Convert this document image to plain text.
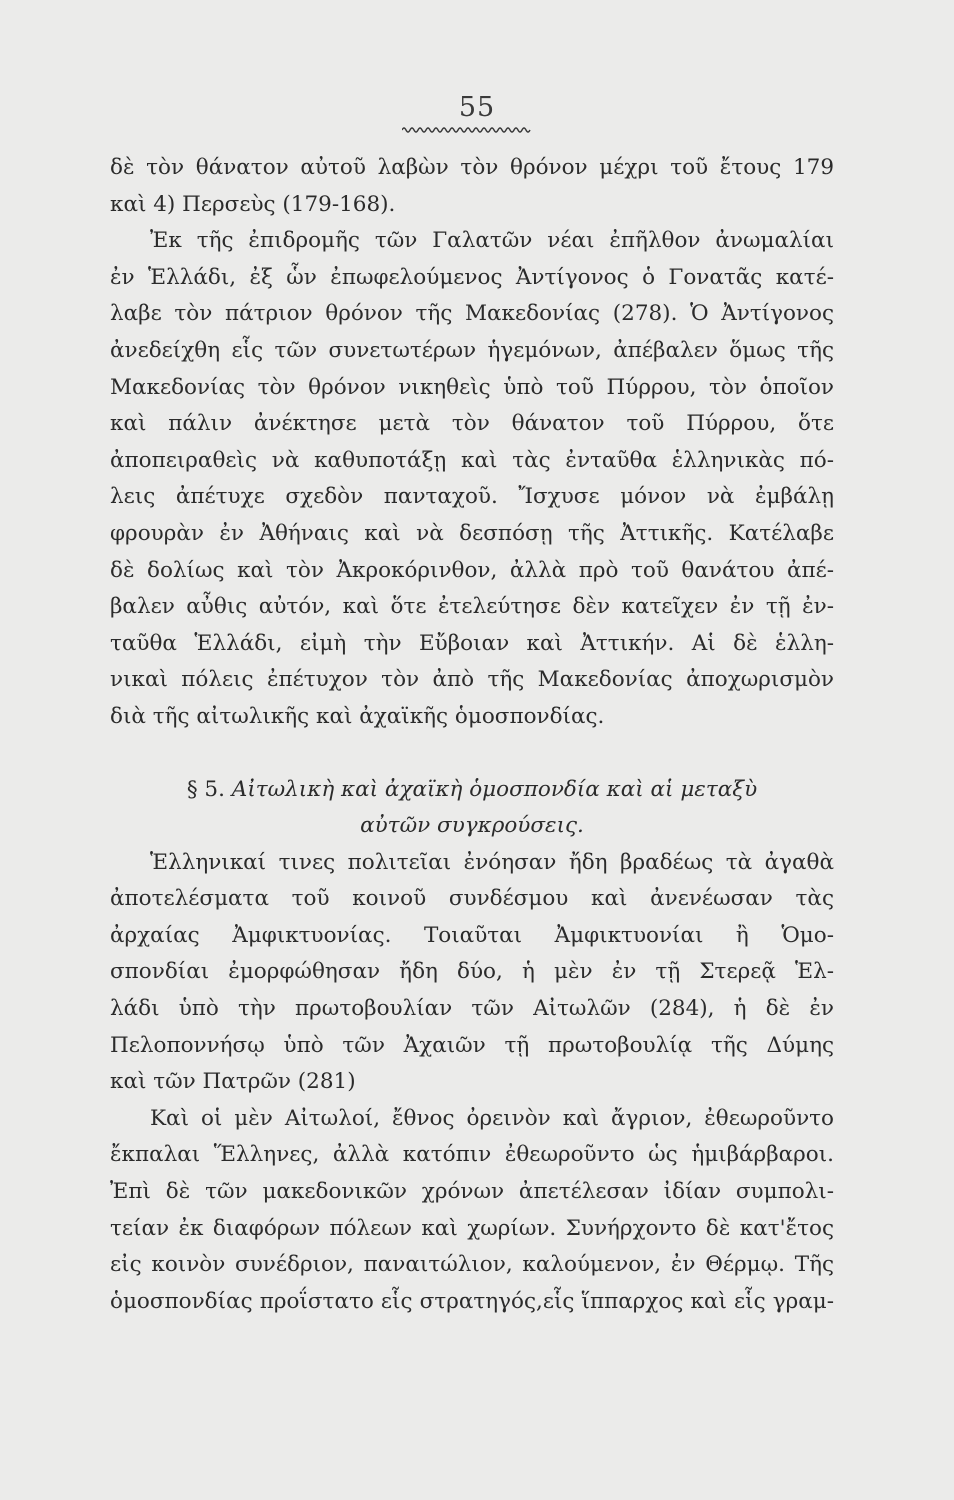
55
δὲ τὸν θάνατον αὐτοῦ λαβὼν τὸν θρόνον μέχρι τοῦ ἔτους 179
καὶ 4) Περσεὺς (179-168).
Ἐκ τῆς ἐπιδρομῆς τῶν Γαλατῶν νέαι ἐπῆλθον ἀνωμαλίαι
ἐν Ἑλλάδι, ἐξ ὧν ἐπωφελούμενος Ἀντίγονος ὁ Γονατᾶς κατέ-
λαβε τὸν πάτριον θρόνον τῆς Μακεδονίας (278). Ὁ Ἀντίγονος
ἀνεδείχθη εἷς τῶν συνετωτέρων ἡγεμόνων, ἀπέβαλεν ὅμως τῆς
Μακεδονίας τὸν θρόνον νικηθεὶς ὑπὸ τοῦ Πύρρου, τὸν ὁποῖον
καὶ πάλιν ἀνέκτησε μετὰ τὸν θάνατον τοῦ Πύρρου, ὅτε
ἀποπειραθεὶς νὰ καθυποτάξῃ καὶ τὰς ἐνταῦθα ἑλληνικὰς πό-
λεις ἀπέτυχε σχεδὸν πανταχοῦ. Ἴσχυσε μόνον νὰ ἐμβάλῃ
φρουρὰν ἐν Ἀθήναις καὶ νὰ δεσπόσῃ τῆς Ἀττικῆς. Κατέλαβε
δὲ δολίως καὶ τὸν Ἀκροκόρινθον, ἀλλὰ πρὸ τοῦ θανάτου ἀπέ-
βαλεν αὖθις αὐτόν, καὶ ὅτε ἐτελεύτησε δὲν κατεῖχεν ἐν τῇ ἐν-
ταῦθα Ἑλλάδι, εἰμὴ τὴν Εὔβοιαν καὶ Ἀττικήν. Αἱ δὲ ἑλλη-
νικαὶ πόλεις ἐπέτυχον τὸν ἀπὸ τῆς Μακεδονίας ἀποχωρισμὸν
διὰ τῆς αἰτωλικῆς καὶ ἀχαϊκῆς ὁμοσπονδίας.
§ 5. Αἰτωλικὴ καὶ ἀχαϊκὴ ὁμοσπονδία καὶ αἱ μεταξὺ
αὐτῶν συγκρούσεις.
Ἑλληνικαί τινες πολιτεῖαι ἐνόησαν ἤδη βραδέως τὰ ἀγαθὰ
ἀποτελέσματα τοῦ κοινοῦ συνδέσμου καὶ ἀνενέωσαν τὰς
ἀρχαίας Ἀμφικτυονίας. Τοιαῦται Ἀμφικτυονίαι ἢ Ὁμο-
σπονδίαι ἐμορφώθησαν ἤδη δύο, ἡ μὲν ἐν τῇ Στερεᾷ Ἑλ-
λάδι ὑπὸ τὴν πρωτοβουλίαν τῶν Αἰτωλῶν (284), ἡ δὲ ἐν
Πελοποννήσῳ ὑπὸ τῶν Ἀχαιῶν τῇ πρωτοβουλίᾳ τῆς Δύμης
καὶ τῶν Πατρῶν (281)
Καὶ οἱ μὲν Αἰτωλοί, ἔθνος ὀρεινὸν καὶ ἄγριον, ἐθεωροῦντο
ἔκπαλαι Ἕλληνες, ἀλλὰ κατόπιν ἐθεωροῦντο ὡς ἡμιβάρβαροι.
Ἐπὶ δὲ τῶν μακεδονικῶν χρόνων ἀπετέλεσαν ἰδίαν συμπολι-
τείαν ἐκ διαφόρων πόλεων καὶ χωρίων. Συνήρχοντο δὲ κατ'ἔτος
εἰς κοινὸν συνέδριον, παναιτώλιον, καλούμενον, ἐν Θέρμῳ. Τῆς
ὁμοσπονδίας προΐστατο εἷς στρατηγός,εἷς ἵππαρχος καὶ εἷς γραμ-
